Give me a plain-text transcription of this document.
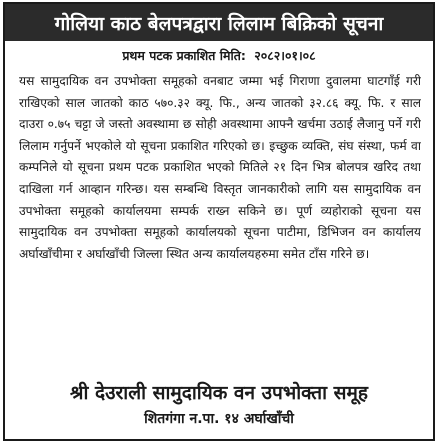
गोलिया काठ बेलपत्रद्वारा लिलाम बिक्रिको सूचना
प्रथम पटक प्रकाशित मिति: २०८२।०१।०८
यस सामुदायिक वन उपभोक्ता समूहको वनबाट जम्मा भई गिराणा दुवालमा घाटगाँई गरी राखिएको साल जातको काठ ५७०.३२ क्यू. फि., अन्य जातको ३२.८६ क्यू. फि. र साल दाउरा ०.७५ चट्टा जे जस्तो अवस्थामा छ सोही अवस्थामा आफ्नै खर्चमा उठाई लैजानु पर्ने गरी लिलाम गर्नुपर्ने भएकोले यो सूचना प्रकाशित गरिएको छ। इच्छुक व्यक्ति, संघ संस्था, फर्म वा कम्पनिले यो सूचना प्रथम पटक प्रकाशित भएको मितिले २१ दिन भित्र बोलपत्र खरिद तथा दाखिला गर्न आव्हान गरिन्छ। यस सम्बन्धि विस्तृत जानकारीको लागि यस सामुदायिक वन उपभोक्ता समूहको कार्यालयमा सम्पर्क राख्न सकिने छ। पूर्ण व्यहोराको सूचना यस सामुदायिक वन उपभोक्ता समूहको कार्यालयको सूचना पाटीमा, डिभिजन वन कार्यालय अर्घाखाँचीमा र अर्घाखाँची जिल्ला स्थित अन्य कार्यालयहरुमा समेत टाँस गरिने छ।
श्री देउराली सामुदायिक वन उपभोक्ता समूह
शितगंगा न.पा. १४ अर्घाखाँची
